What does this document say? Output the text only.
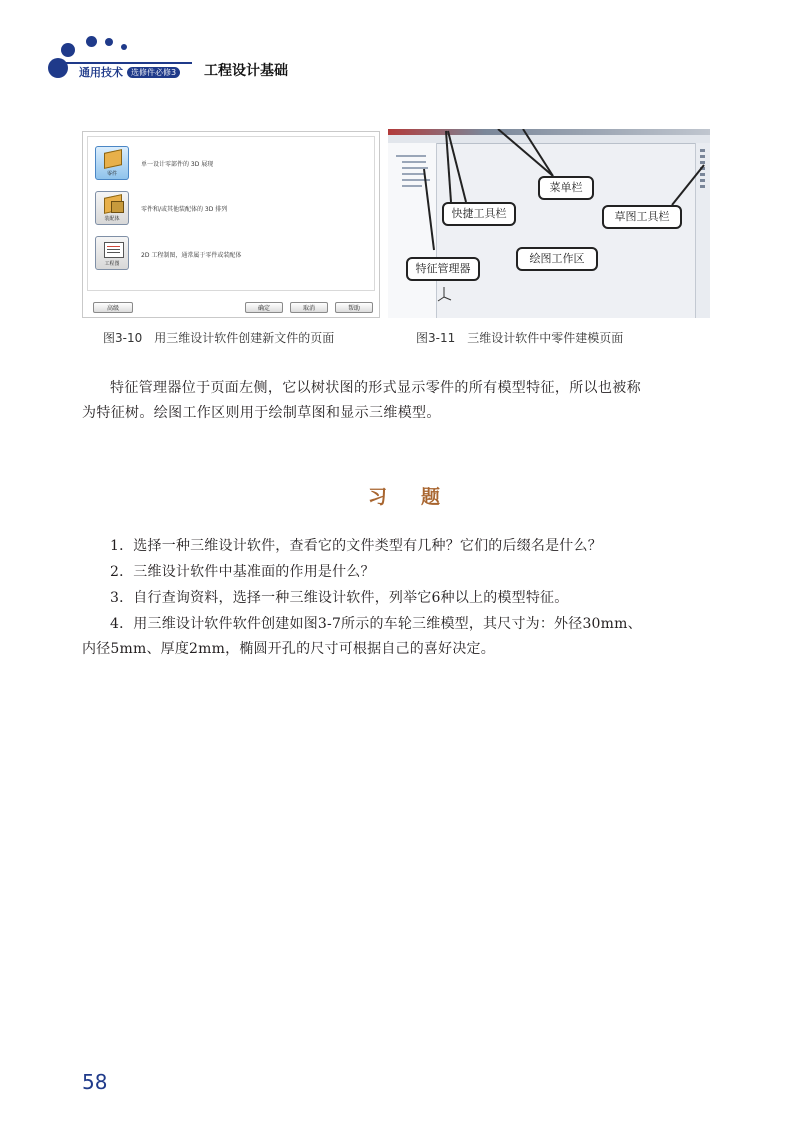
通用技术 选修件必修3 工程设计基础
零件
单一设计零部件的 3D 展现
装配体
零件和/或其他装配体的 3D 排列
工程图
2D 工程制图，通常属于零件或装配体
高级	确定	取消	帮助
菜单栏
快捷工具栏	草图工具栏
绘图工作区
特征管理器
图3-10　用三维设计软件创建新文件的页面	图3-11　三维设计软件中零件建模页面
特征管理器位于页面左侧，它以树状图的形式显示零件的所有模型特征，所以也被称
为特征树。绘图工作区则用于绘制草图和显示三维模型。
习题
1．选择一种三维设计软件，查看它的文件类型有几种？它们的后缀名是什么？
2．三维设计软件中基准面的作用是什么？
3．自行查询资料，选择一种三维设计软件，列举它6种以上的模型特征。
4．用三维设计软件软件创建如图3-7所示的车轮三维模型，其尺寸为：外径30mm、
内径5mm、厚度2mm，椭圆开孔的尺寸可根据自己的喜好决定。
58
